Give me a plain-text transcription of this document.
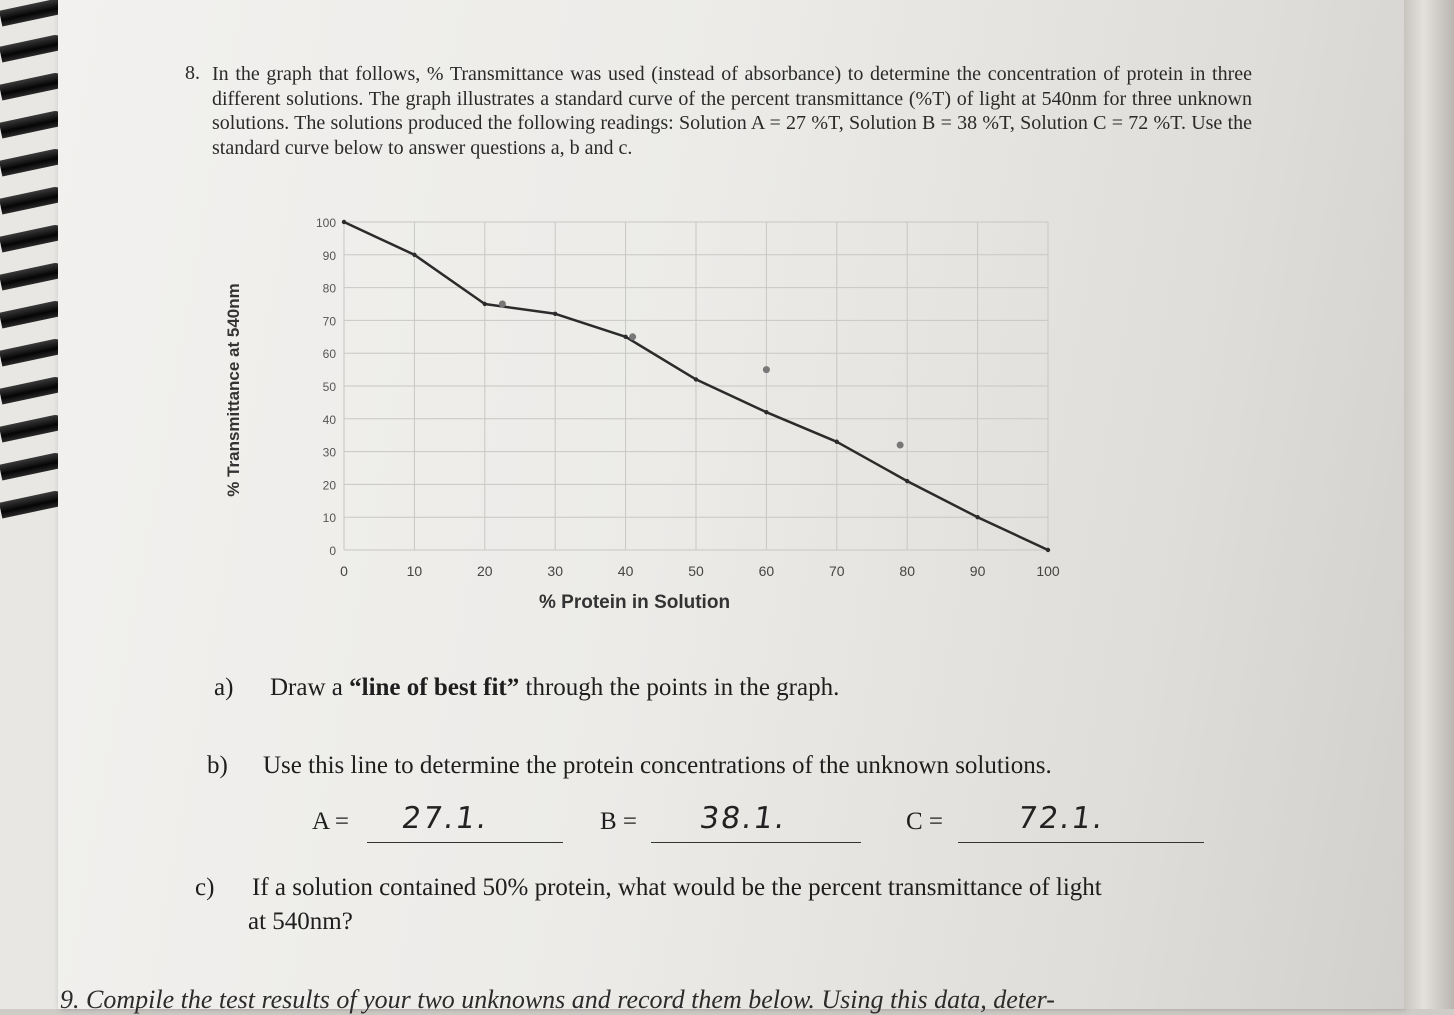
8. In the graph that follows, % Transmittance was used (instead of absorbance) to determine the concentration of protein in three different solutions. The graph illustrates a standard curve of the percent transmittance (%T) of light at 540nm for three unknown solutions. The solutions produced the following readings: Solution A = 27 %T, Solution B = 38 %T, Solution C = 72 %T. Use the standard curve below to answer questions a, b and c.
0
10
20
30
40
50
60
70
80
90
100
0	10	20	30	40	50	60	70	80	90	100
% Transmittance at 540nm
% Protein in Solution
a) Draw a “line of best fit” through the points in the graph.
b) Use this line to determine the protein concentrations of the unknown solutions.
A = 27.1.	B = 38.1.	C = 72.1.
c) If a solution contained 50% protein, what would be the percent transmittance of light
at 540nm?
9. Compile the test results of your two unknowns and record them below. Using this data, deter-
